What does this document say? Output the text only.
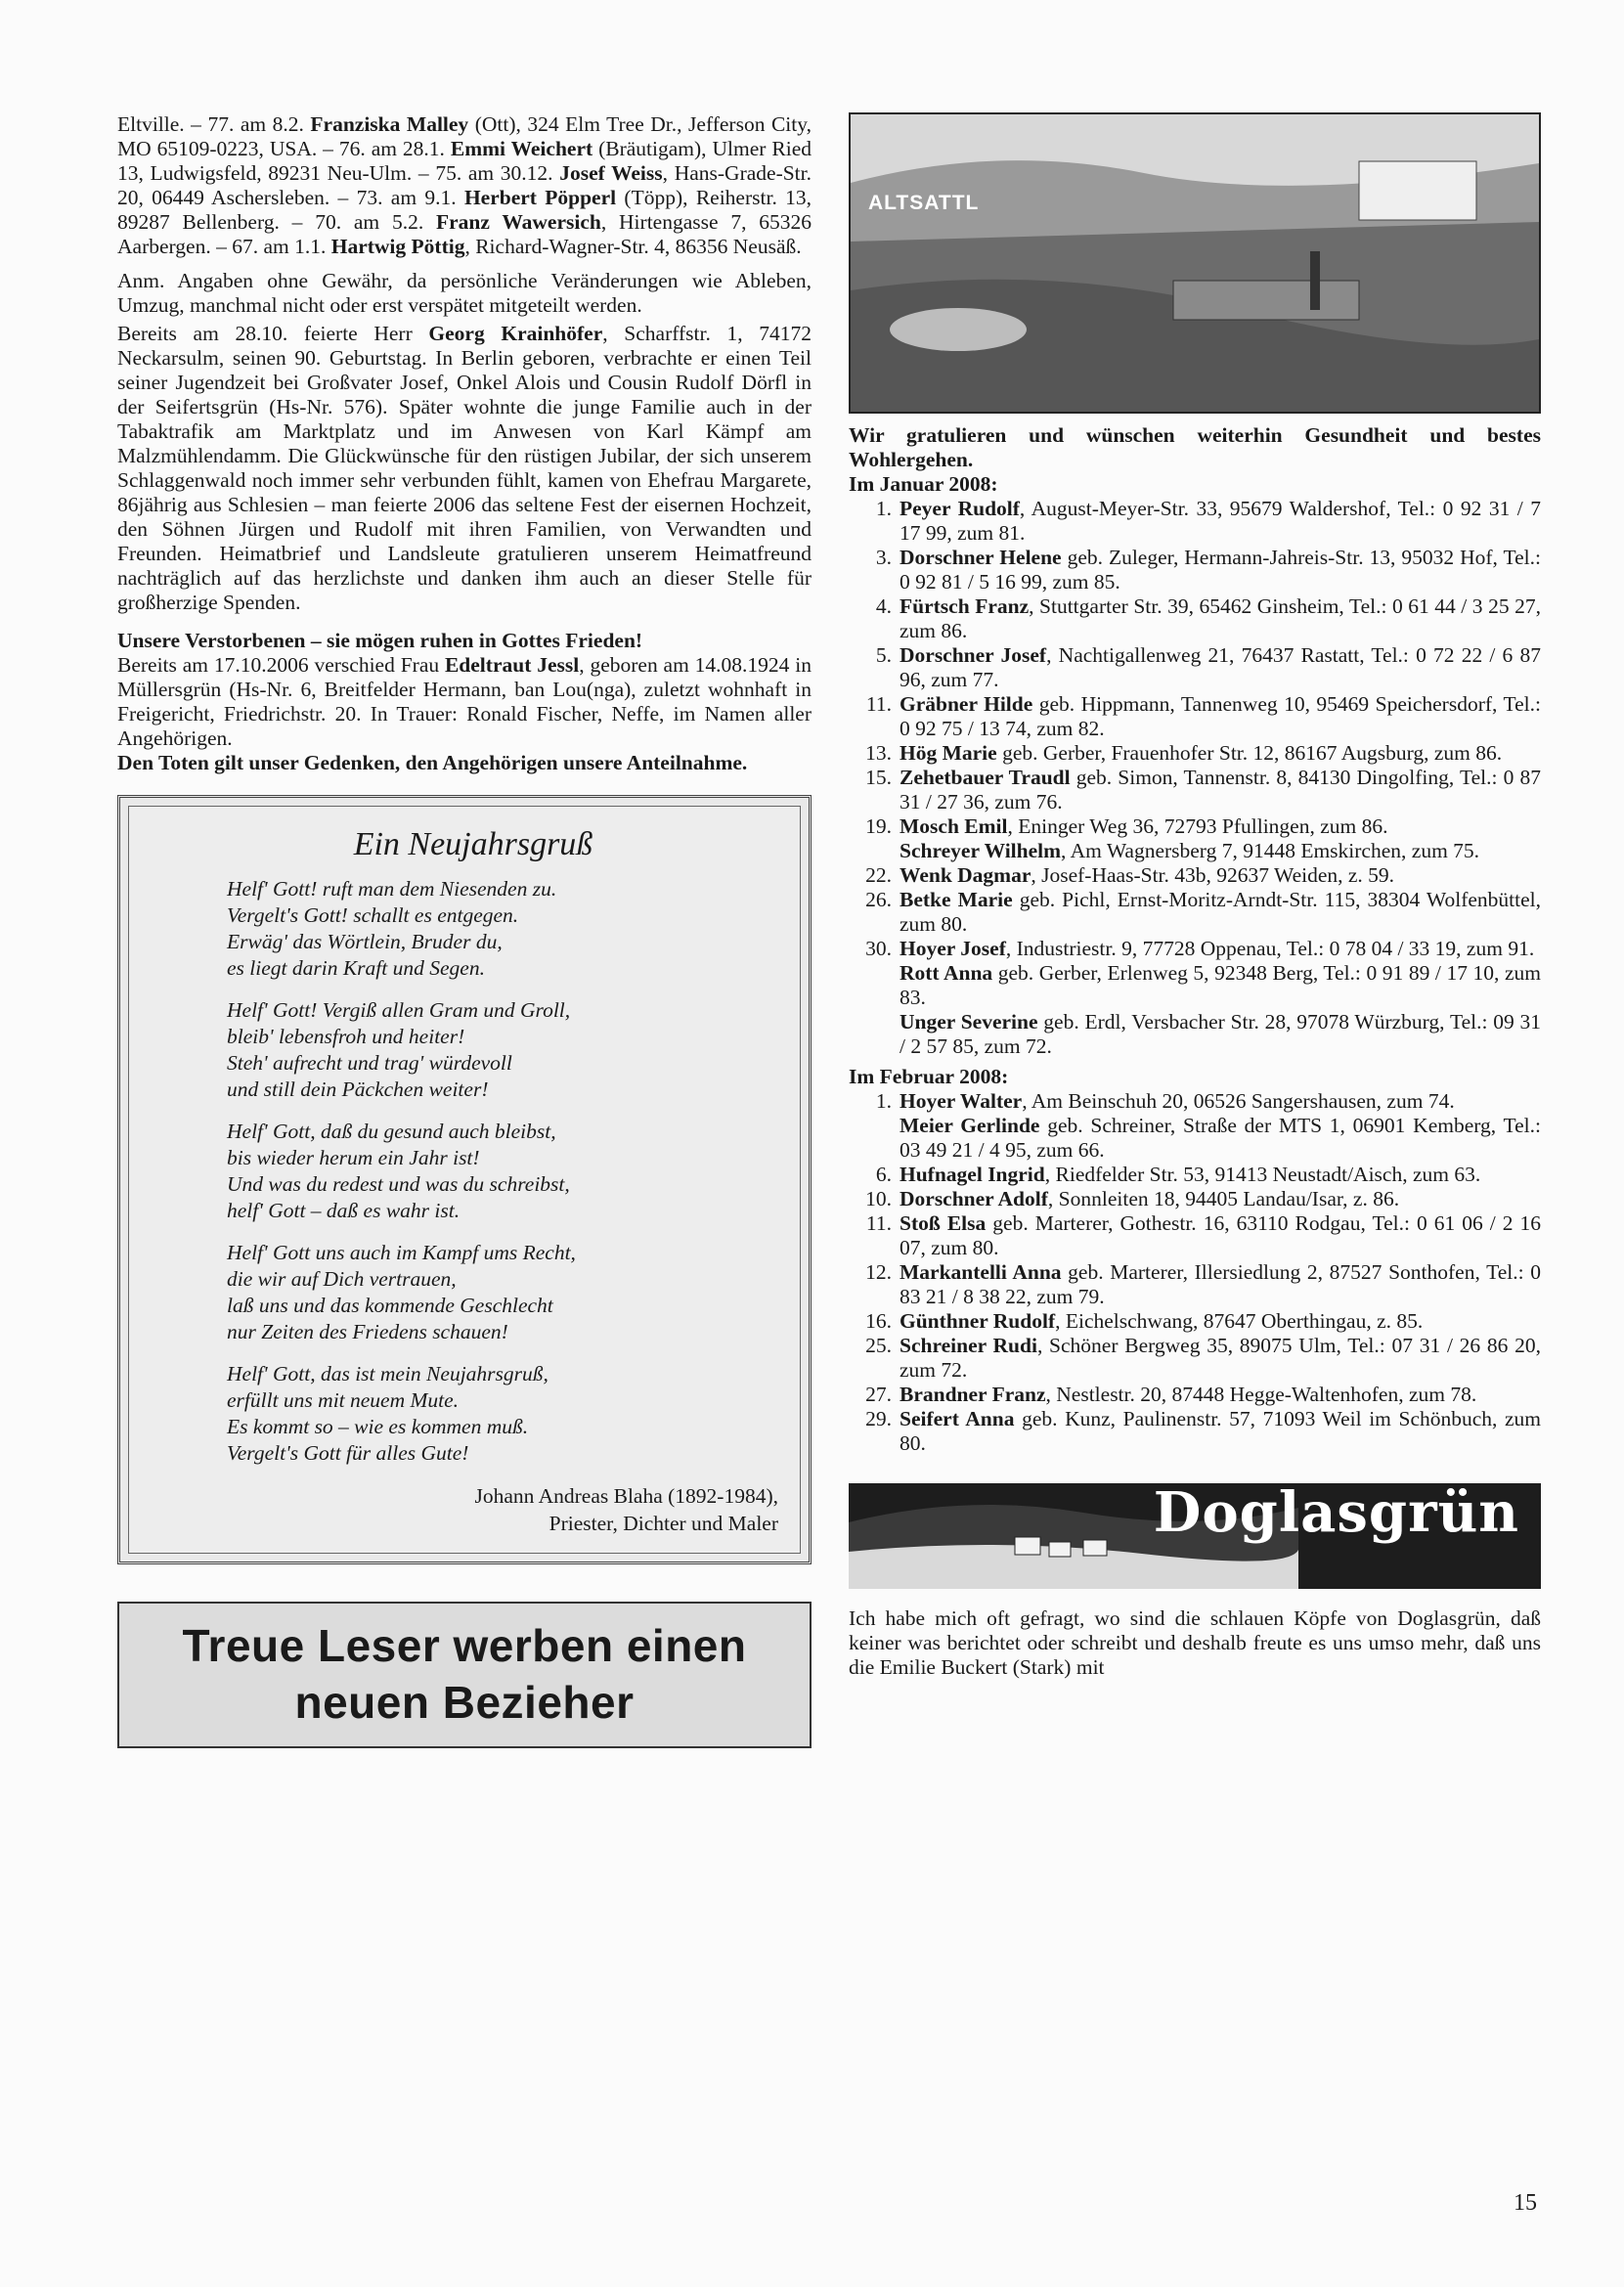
Eltville. – 77. am 8.2. Franziska Malley (Ott), 324 Elm Tree Dr., Jefferson City, MO 65109-0223, USA. – 76. am 28.1. Emmi Weichert (Bräutigam), Ulmer Ried 13, Ludwigsfeld, 89231 Neu-Ulm. – 75. am 30.12. Josef Weiss, Hans-Grade-Str. 20, 06449 Aschersleben. – 73. am 9.1. Herbert Pöpperl (Töpp), Reiherstr. 13, 89287 Bellenberg. – 70. am 5.2. Franz Wawersich, Hirtengasse 7, 65326 Aarbergen. – 67. am 1.1. Hartwig Pöttig, Richard-Wagner-Str. 4, 86356 Neusäß.

Anm. Angaben ohne Gewähr, da persönliche Veränderungen wie Ableben, Umzug, manchmal nicht oder erst verspätet mitgeteilt werden.

Bereits am 28.10. feierte Herr Georg Krainhöfer, Scharffstr. 1, 74172 Neckarsulm, seinen 90. Geburtstag. In Berlin geboren, verbrachte er einen Teil seiner Jugendzeit bei Großvater Josef, Onkel Alois und Cousin Rudolf Dörfl in der Seifertsgrün (Hs-Nr. 576). Später wohnte die junge Familie auch in der Tabaktrafik am Marktplatz und im Anwesen von Karl Kämpf am Malzmühlendamm. Die Glückwünsche für den rüstigen Jubilar, der sich unserem Schlaggenwald noch immer sehr verbunden fühlt, kamen von Ehefrau Margarete, 86jährig aus Schlesien – man feierte 2006 das seltene Fest der eisernen Hochzeit, den Söhnen Jürgen und Rudolf mit ihren Familien, von Verwandten und Freunden. Heimatbrief und Landsleute gratulieren unserem Heimatfreund nachträglich auf das herzlichste und danken ihm auch an dieser Stelle für großherzige Spenden.

Unsere Verstorbenen – sie mögen ruhen in Gottes Frieden!

Bereits am 17.10.2006 verschied Frau Edeltraut Jessl, geboren am 14.08.1924 in Müllersgrün (Hs-Nr. 6, Breitfelder Hermann, ban Lou(nga), zuletzt wohnhaft in Freigericht, Friedrichstr. 20. In Trauer: Ronald Fischer, Neffe, im Namen aller Angehörigen.

Den Toten gilt unser Gedenken, den Angehörigen unsere Anteilnahme.

Ein Neujahrsgruß
Helf' Gott! ruft man dem Niesenden zu.
Vergelt's Gott! schallt es entgegen.
Erwäg' das Wörtlein, Bruder du,
es liegt darin Kraft und Segen.
Helf' Gott! Vergiß allen Gram und Groll,
bleib' lebensfroh und heiter!
Steh' aufrecht und trag' würdevoll
und still dein Päckchen weiter!
Helf' Gott, daß du gesund auch bleibst,
bis wieder herum ein Jahr ist!
Und was du redest und was du schreibst,
helf' Gott – daß es wahr ist.
Helf' Gott uns auch im Kampf ums Recht,
die wir auf Dich vertrauen,
laß uns und das kommende Geschlecht
nur Zeiten des Friedens schauen!
Helf' Gott, das ist mein Neujahrsgruß,
erfüllt uns mit neuem Mute.
Es kommt so – wie es kommen muß.
Vergelt's Gott für alles Gute!
Johann Andreas Blaha (1892-1984),
Priester, Dichter und Maler
Treue Leser werben einen
neuen Bezieher
ALTSATTL
Wir gratulieren und wünschen weiterhin Gesundheit und bestes Wohlergehen.
Im Januar 2008:
1. Peyer Rudolf, August-Meyer-Str. 33, 95679 Waldershof, Tel.: 0 92 31 / 7 17 99, zum 81.
3. Dorschner Helene geb. Zuleger, Hermann-Jahreis-Str. 13, 95032 Hof, Tel.: 0 92 81 / 5 16 99, zum 85.
4. Fürtsch Franz, Stuttgarter Str. 39, 65462 Ginsheim, Tel.: 0 61 44 / 3 25 27, zum 86.
5. Dorschner Josef, Nachtigallenweg 21, 76437 Rastatt, Tel.: 0 72 22 / 6 87 96, zum 77.
11. Gräbner Hilde geb. Hippmann, Tannenweg 10, 95469 Speichersdorf, Tel.: 0 92 75 / 13 74, zum 82.
13. Hög Marie geb. Gerber, Frauenhofer Str. 12, 86167 Augsburg, zum 86.
15. Zehetbauer Traudl geb. Simon, Tannenstr. 8, 84130 Dingolfing, Tel.: 0 87 31 / 27 36, zum 76.
19. Mosch Emil, Eninger Weg 36, 72793 Pfullingen, zum 86.
Schreyer Wilhelm, Am Wagnersberg 7, 91448 Emskirchen, zum 75.
22. Wenk Dagmar, Josef-Haas-Str. 43b, 92637 Weiden, z. 59.
26. Betke Marie geb. Pichl, Ernst-Moritz-Arndt-Str. 115, 38304 Wolfenbüttel, zum 80.
30. Hoyer Josef, Industriestr. 9, 77728 Oppenau, Tel.: 0 78 04 / 33 19, zum 91.
Rott Anna geb. Gerber, Erlenweg 5, 92348 Berg, Tel.: 0 91 89 / 17 10, zum 83.
Unger Severine geb. Erdl, Versbacher Str. 28, 97078 Würzburg, Tel.: 09 31 / 2 57 85, zum 72.
Im Februar 2008:
1. Hoyer Walter, Am Beinschuh 20, 06526 Sangershausen, zum 74.
Meier Gerlinde geb. Schreiner, Straße der MTS 1, 06901 Kemberg, Tel.: 03 49 21 / 4 95, zum 66.
6. Hufnagel Ingrid, Riedfelder Str. 53, 91413 Neustadt/Aisch, zum 63.
10. Dorschner Adolf, Sonnleiten 18, 94405 Landau/Isar, z. 86.
11. Stoß Elsa geb. Marterer, Gothestr. 16, 63110 Rodgau, Tel.: 0 61 06 / 2 16 07, zum 80.
12. Markantelli Anna geb. Marterer, Illersiedlung 2, 87527 Sonthofen, Tel.: 0 83 21 / 8 38 22, zum 79.
16. Günthner Rudolf, Eichelschwang, 87647 Oberthingau, z. 85.
25. Schreiner Rudi, Schöner Bergweg 35, 89075 Ulm, Tel.: 07 31 / 26 86 20, zum 72.
27. Brandner Franz, Nestlestr. 20, 87448 Hegge-Waltenhofen, zum 78.
29. Seifert Anna geb. Kunz, Paulinenstr. 57, 71093 Weil im Schönbuch, zum 80.
Doglasgrün

Ich habe mich oft gefragt, wo sind die schlauen Köpfe von Doglasgrün, daß keiner was berichtet oder schreibt und deshalb freute es uns umso mehr, daß uns die Emilie Buckert (Stark) mit

15
